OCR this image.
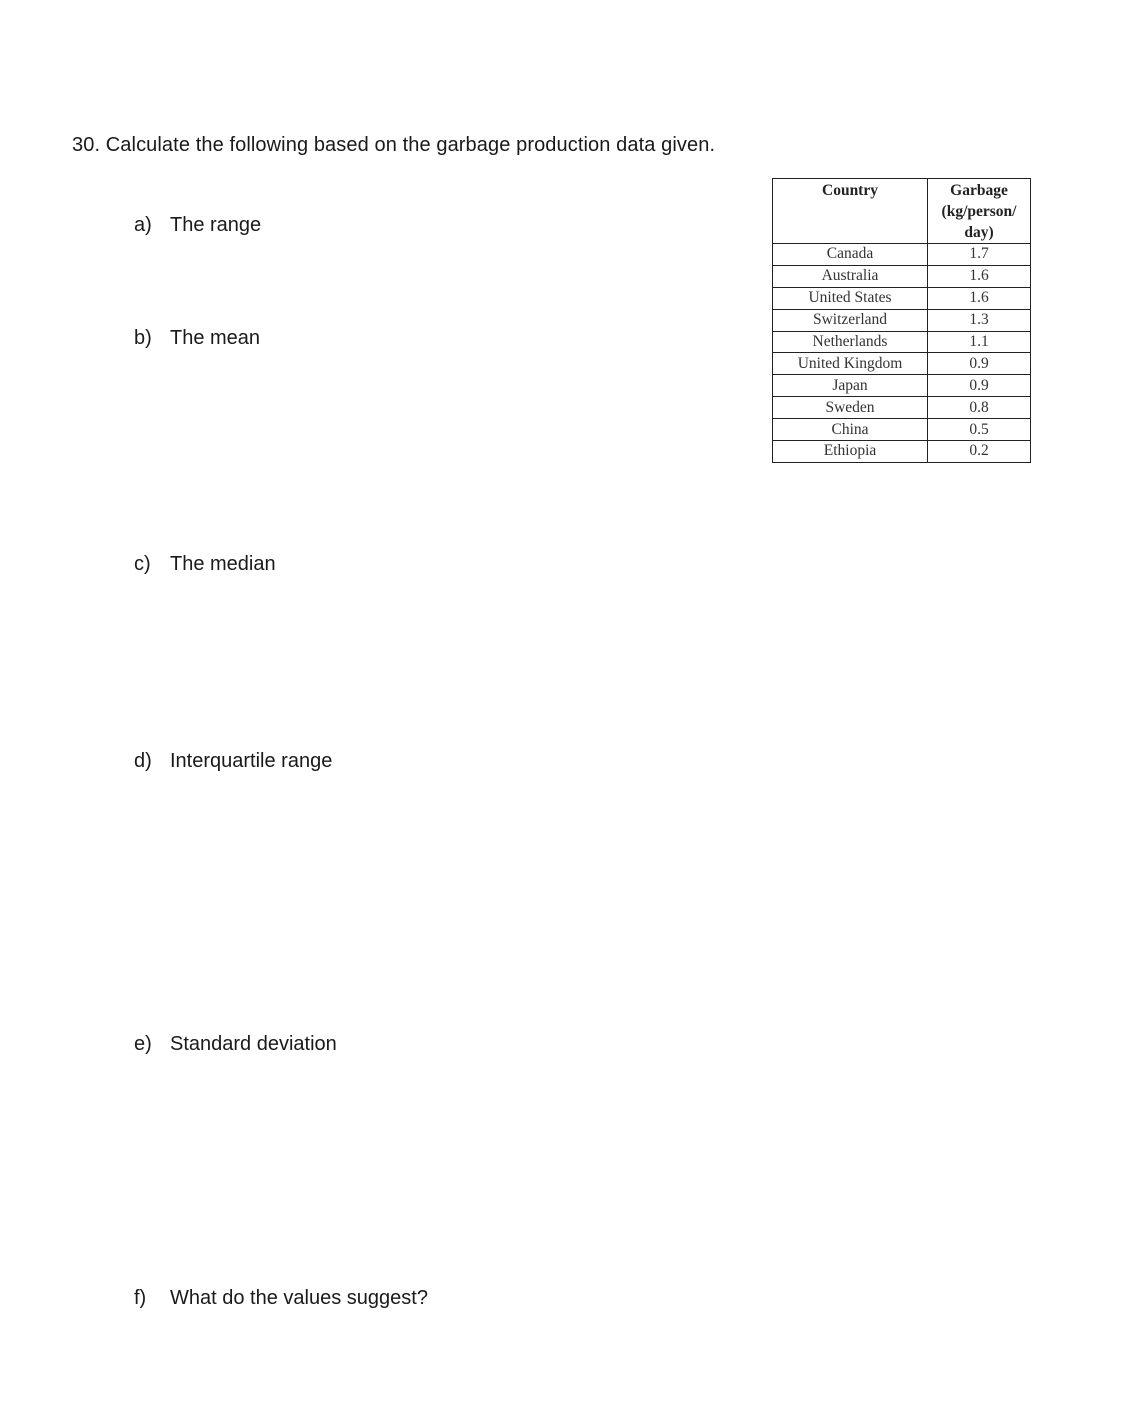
30. Calculate the following based on the garbage production data given.
a) The range
b) The mean
c) The median
d) Interquartile range
e) Standard deviation
f)	What do the values suggest?
Country	Garbage
(kg/person/
day)
Canada	1.7
Australia	1.6
United States	1.6
Switzerland	1.3
Netherlands	1.1
United Kingdom	0.9
Japan	0.9
Sweden	0.8
China	0.5
Ethiopia	0.2
